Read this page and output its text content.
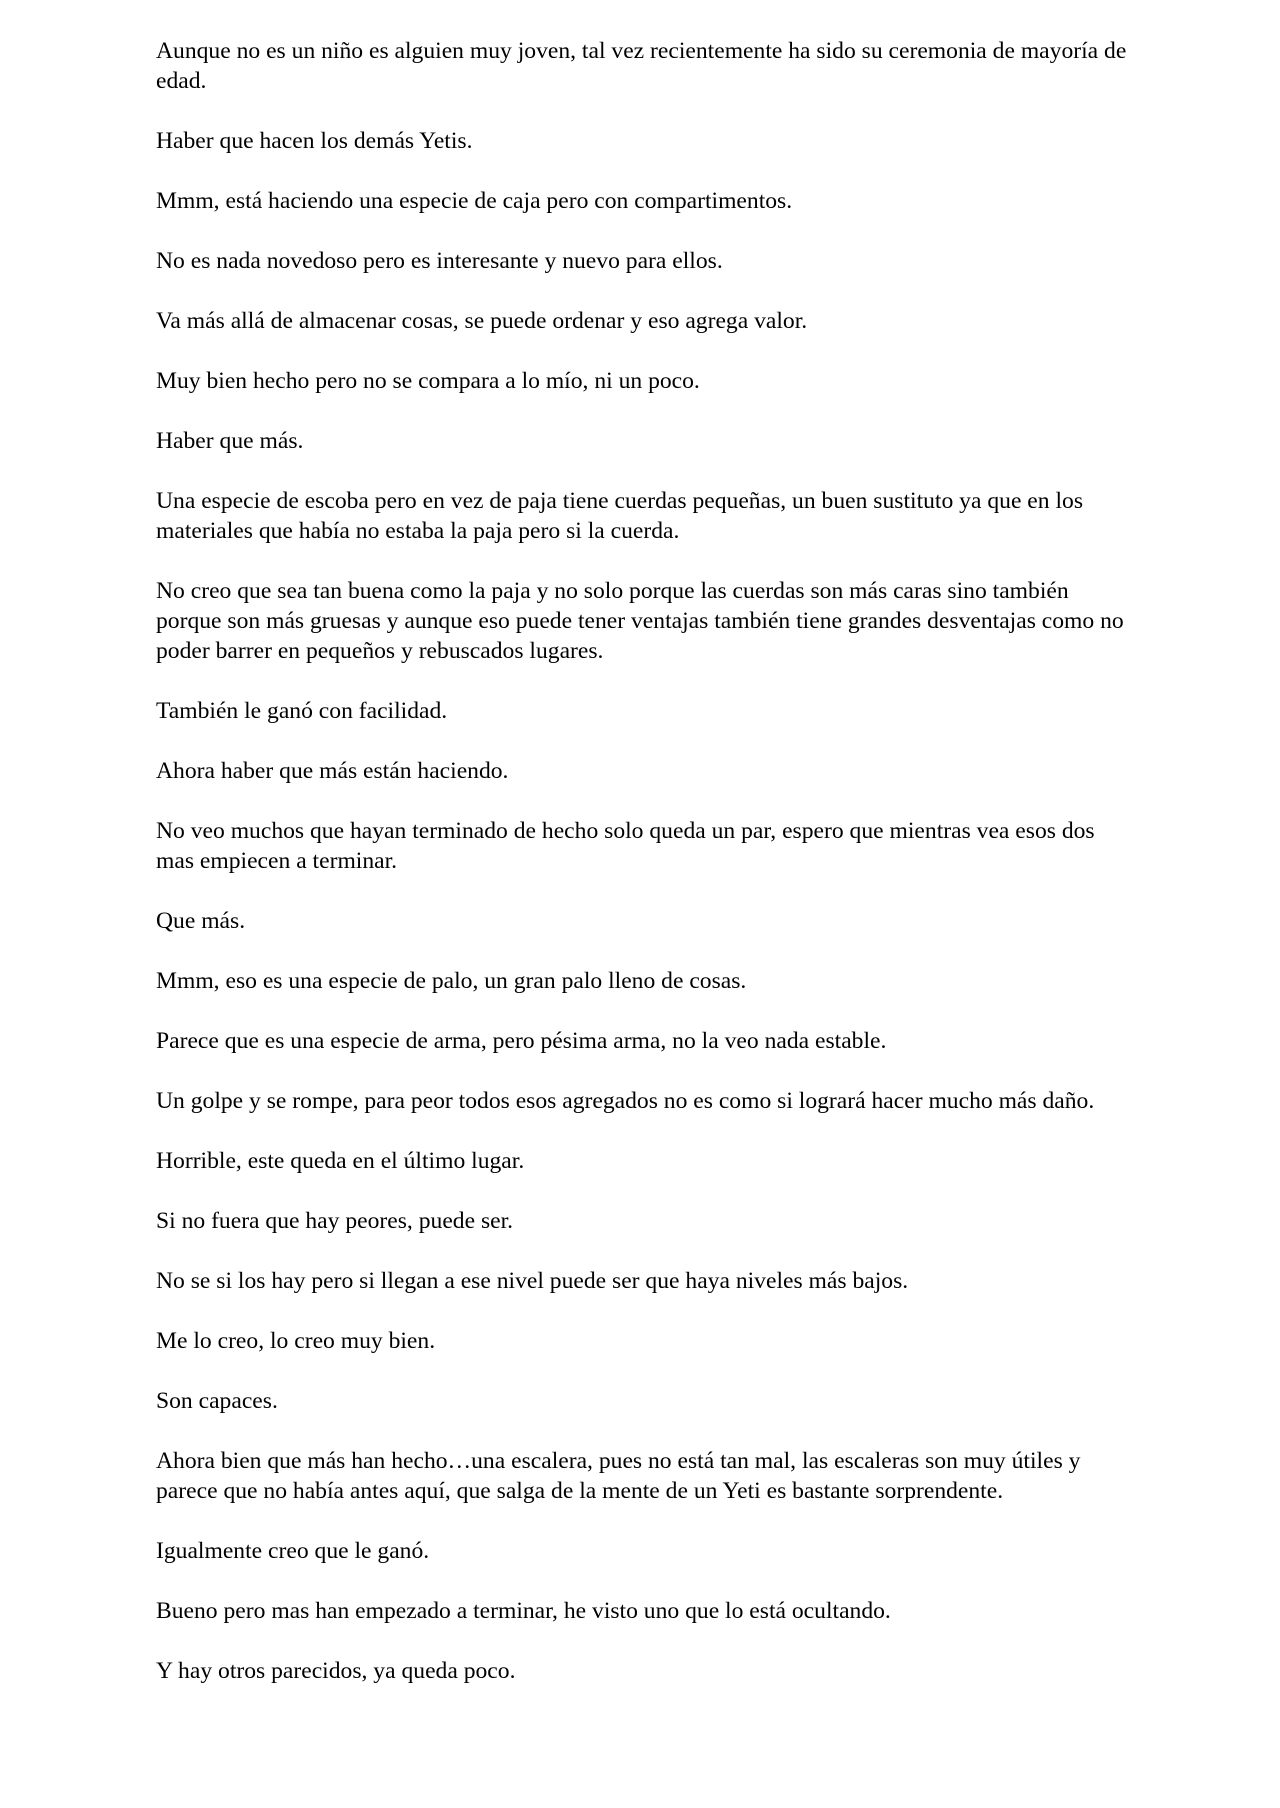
Aunque no es un niño es alguien muy joven, tal vez recientemente ha sido su ceremonia de mayoría de edad.

Haber que hacen los demás Yetis.

Mmm, está haciendo una especie de caja pero con compartimentos.

No es nada novedoso pero es interesante y nuevo para ellos.

Va más allá de almacenar cosas, se puede ordenar y eso agrega valor.

Muy bien hecho pero no se compara a lo mío, ni un poco.

Haber que más.

Una especie de escoba pero en vez de paja tiene cuerdas pequeñas, un buen sustituto ya que en los materiales que había no estaba la paja pero si la cuerda.

No creo que sea tan buena como la paja y no solo porque las cuerdas son más caras sino también porque son más gruesas y aunque eso puede tener ventajas también tiene grandes desventajas como no poder barrer en pequeños y rebuscados lugares.

También le ganó con facilidad.

Ahora haber que más están haciendo.

No veo muchos que hayan terminado de hecho solo queda un par, espero que mientras vea esos dos mas empiecen a terminar.

Que más.

Mmm, eso es una especie de palo, un gran palo lleno de cosas.

Parece que es una especie de arma, pero pésima arma, no la veo nada estable.

Un golpe y se rompe, para peor todos esos agregados no es como si logrará hacer mucho más daño.

Horrible, este queda en el último lugar.

Si no fuera que hay peores, puede ser.

No se si los hay pero si llegan a ese nivel puede ser que haya niveles más bajos.

Me lo creo, lo creo muy bien.

Son capaces.

Ahora bien que más han hecho…una escalera, pues no está tan mal, las escaleras son muy útiles y parece que no había antes aquí, que salga de la mente de un Yeti es bastante sorprendente.

Igualmente creo que le ganó.

Bueno pero mas han empezado a terminar, he visto uno que lo está ocultando.

Y hay otros parecidos, ya queda poco.
